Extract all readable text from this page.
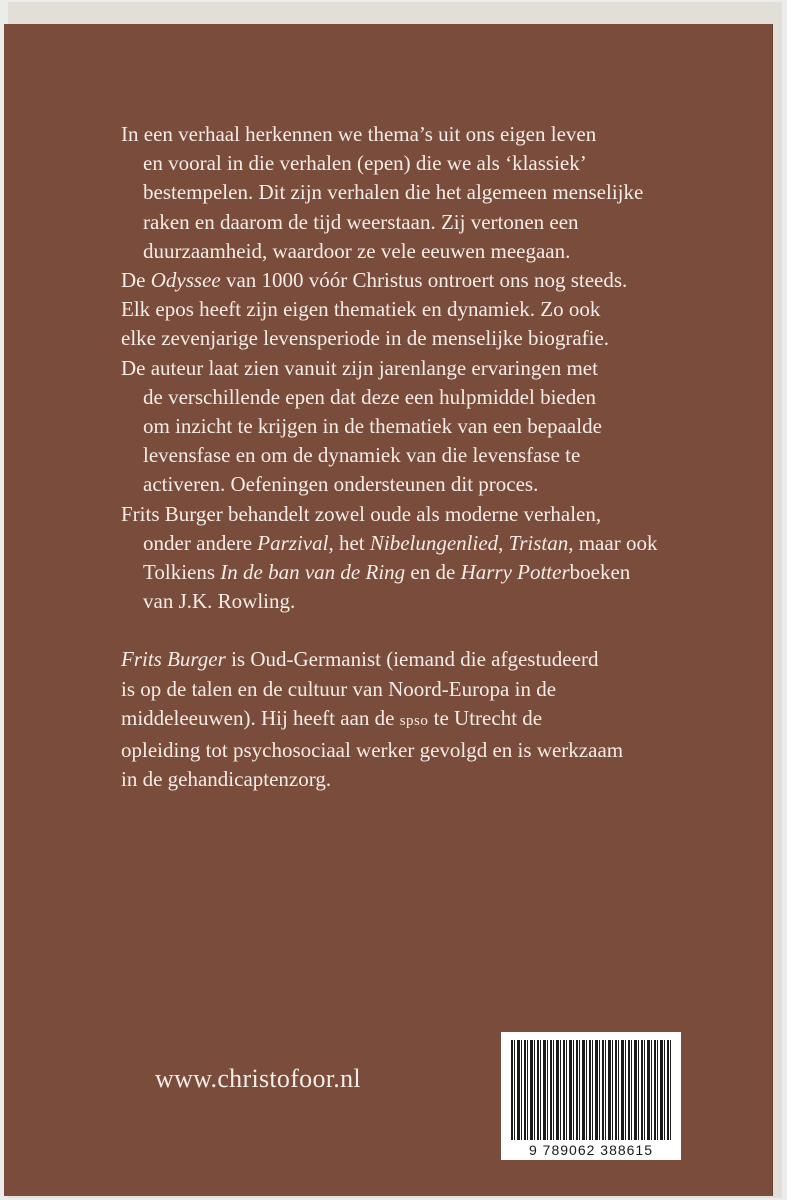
In een verhaal herkennen we thema’s uit ons eigen leven
en vooral in die verhalen (epen) die we als ‘klassiek’
bestempelen. Dit zijn verhalen die het algemeen menselijke
raken en daarom de tijd weerstaan. Zij vertonen een
duurzaamheid, waardoor ze vele eeuwen meegaan.
De Odyssee van 1000 vóór Christus ontroert ons nog steeds.
Elk epos heeft zijn eigen thematiek en dynamiek. Zo ook
elke zevenjarige levensperiode in de menselijke biografie.
De auteur laat zien vanuit zijn jarenlange ervaringen met
de verschillende epen dat deze een hulpmiddel bieden
om inzicht te krijgen in de thematiek van een bepaalde
levensfase en om de dynamiek van die levensfase te
activeren. Oefeningen ondersteunen dit proces.
Frits Burger behandelt zowel oude als moderne verhalen,
onder andere Parzival, het Nibelungenlied, Tristan, maar ook
Tolkiens In de ban van de Ring en de Harry Potterboeken
van J.K. Rowling.

Frits Burger is Oud-Germanist (iemand die afgestudeerd
is op de talen en de cultuur van Noord-Europa in de
middeleeuwen). Hij heeft aan de spso te Utrecht de
opleiding tot psychosociaal werker gevolgd en is werkzaam
in de gehandicaptenzorg.

www.christofoor.nl
9 789062 388615
